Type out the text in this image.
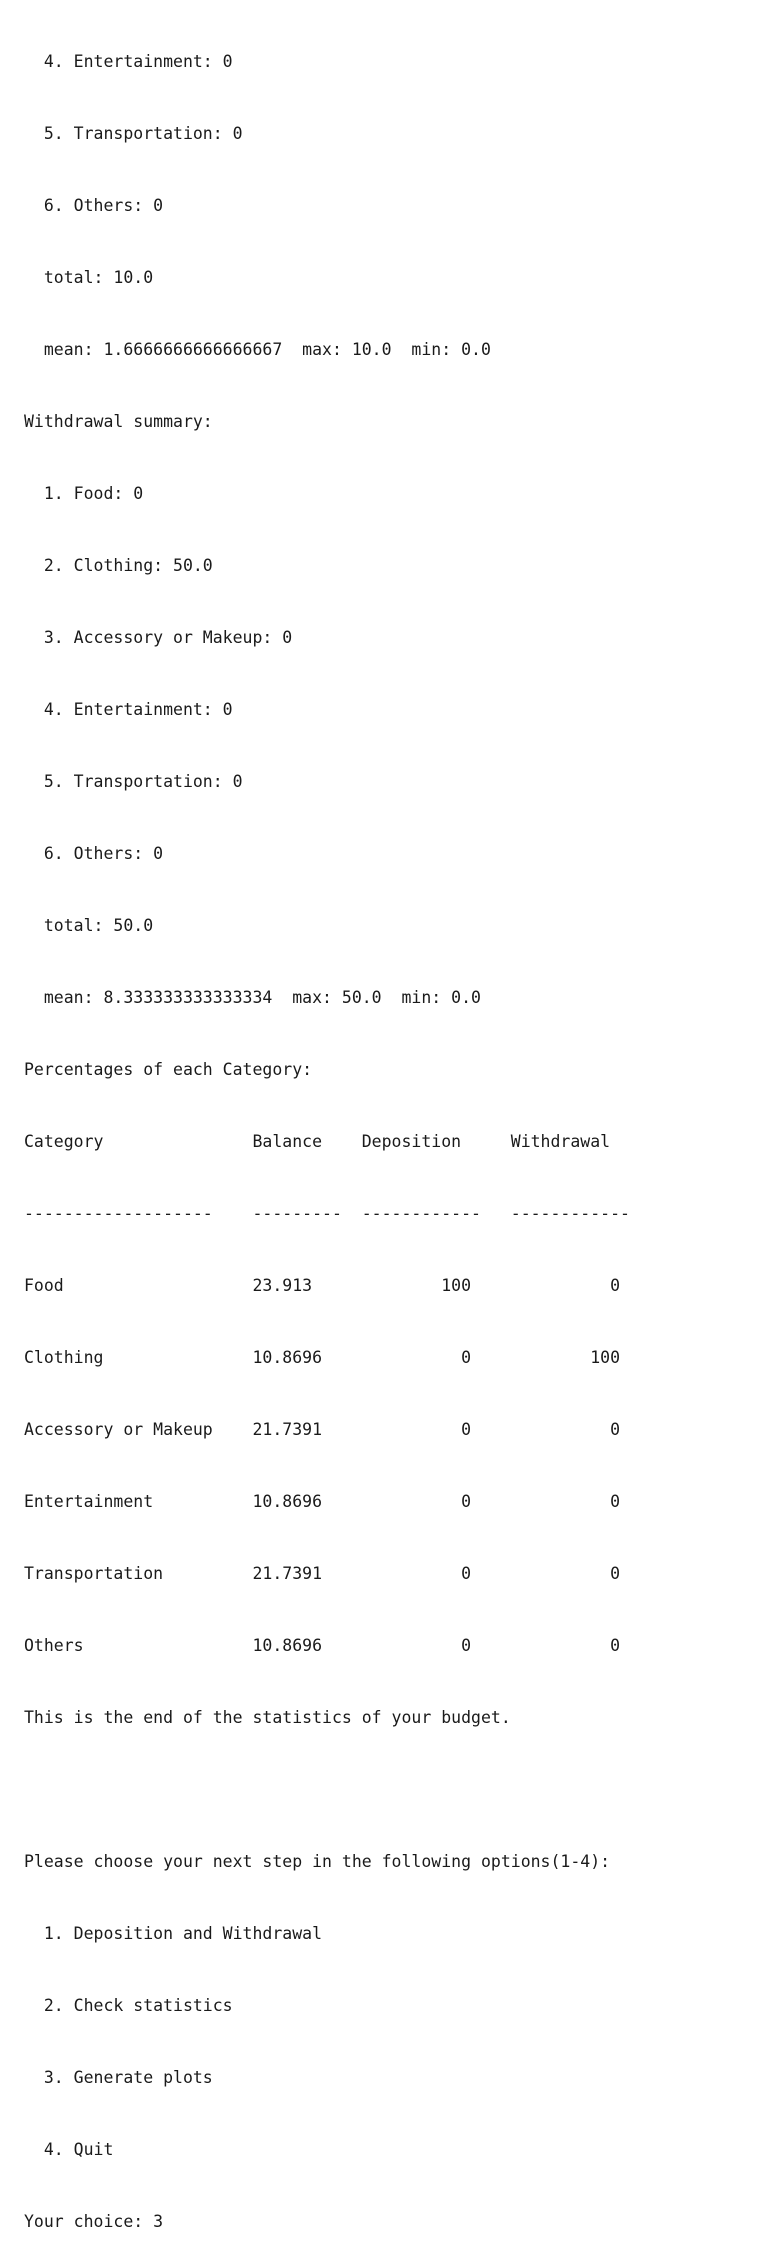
4. Entertainment: 0

5. Transportation: 0

6. Others: 0

total: 10.0

mean: 1.6666666666666667  max: 10.0  min: 0.0

Withdrawal summary:

1. Food: 0

2. Clothing: 50.0

3. Accessory or Makeup: 0

4. Entertainment: 0

5. Transportation: 0

6. Others: 0

total: 50.0

mean: 8.333333333333334  max: 50.0  min: 0.0

Percentages of each Category:

Category               Balance    Deposition     Withdrawal

-------------------    ---------  ------------   ------------

Food                   23.913             100              0

Clothing               10.8696              0            100

Accessory or Makeup    21.7391              0              0

Entertainment          10.8696              0              0

Transportation         21.7391              0              0

Others                 10.8696              0              0

This is the end of the statistics of your budget.

Please choose your next step in the following options(1-4):

1. Deposition and Withdrawal

2. Check statistics

3. Generate plots

4. Quit

Your choice: 3
